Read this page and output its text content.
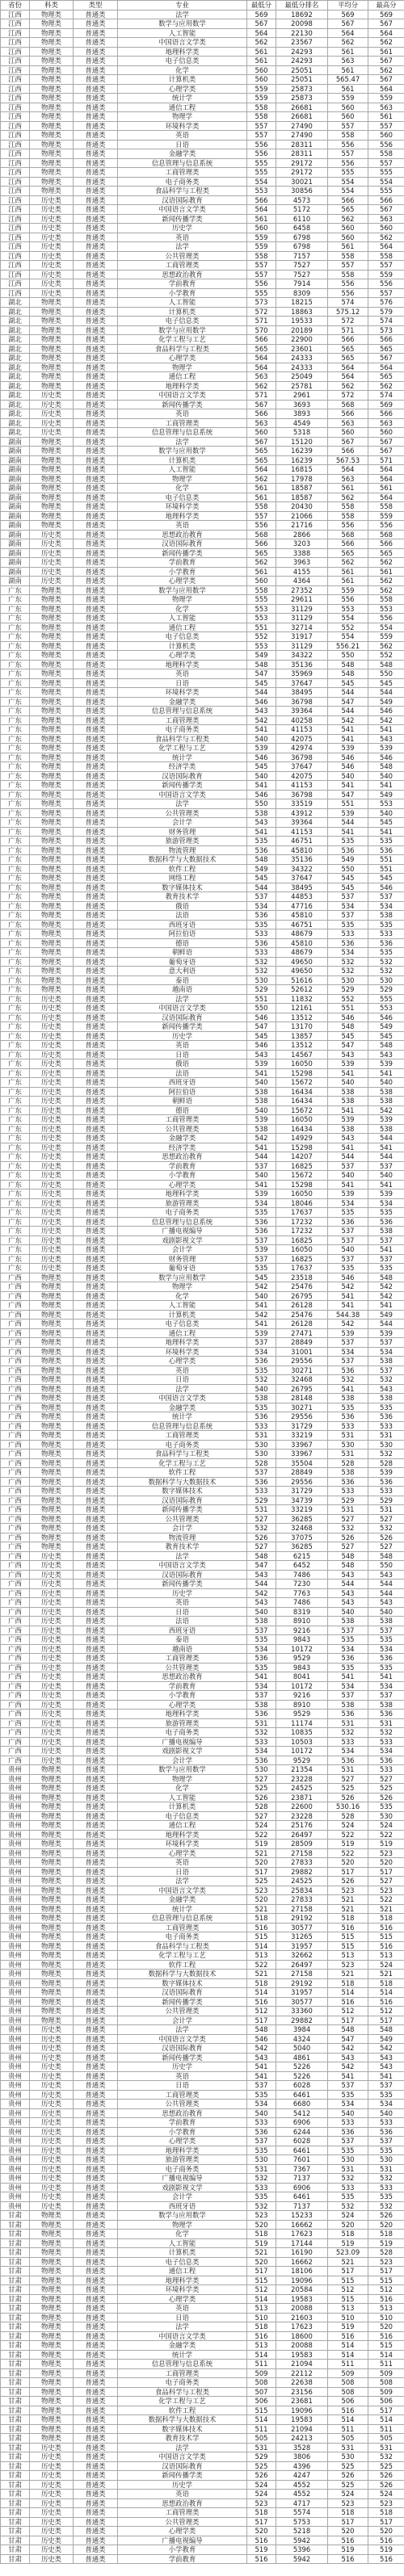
省份	科类	类型	专业	最低分	最低分排名	平均分	最高分
江西	物理类	普通类	法学	569	18692	569	569
江西	物理类	普通类	数学与应用数学	567	20098	567	567
江西	物理类	普通类	人工智能	564	22130	564	564
江西	物理类	普通类	中国语言文学类	562	23567	562	562
江西	物理类	普通类	地理科学类	561	24293	561	561
江西	物理类	普通类	电子信息类	561	24293	563	567
江西	物理类	普通类	化学	560	25051	561	562
江西	物理类	普通类	计算机类	560	25051	565.47	567
江西	物理类	普通类	心理学类	559	25873	561	564
江西	物理类	普通类	统计学	559	25873	559	559
江西	物理类	普通类	通信工程	558	26681	560	563
江西	物理类	普通类	物理学	558	26681	560	561
江西	物理类	普通类	环境科学类	557	27490	557	557
江西	物理类	普通类	英语	557	27490	558	560
江西	物理类	普通类	日语	556	28311	556	556
江西	物理类	普通类	金融学类	556	28311	557	558
江西	物理类	普通类	信息管理与信息系统	555	29172	556	557
江西	物理类	普通类	工商管理类	555	29172	555	555
江西	物理类	普通类	电子商务类	554	30021	554	554
江西	物理类	普通类	食品科学与工程类	553	30856	554	555
江西	历史类	普通类	汉语国际教育	566	4573	566	566
江西	历史类	普通类	中国语言文学类	564	5172	565	567
江西	历史类	普通类	新闻传播学类	561	6110	562	563
江西	历史类	普通类	历史学	560	6458	560	560
江西	历史类	普通类	英语	559	6798	560	562
江西	历史类	普通类	法学	559	6798	561	564
江西	历史类	普通类	公共管理类	558	7157	558	558
江西	历史类	普通类	工商管理类	557	7527	557	557
江西	历史类	普通类	思想政治教育	557	7527	558	559
江西	历史类	普通类	学前教育	556	7914	556	556
江西	历史类	普通类	小学教育	555	8309	556	557
湖北	物理类	普通类	人工智能	573	18215	574	576
湖北	物理类	普通类	计算机类	572	18863	575.12	579
湖北	物理类	普通类	电子信息类	571	19533	572	574
湖北	物理类	普通类	数学与应用数学	570	20189	571	573
湖北	物理类	普通类	化学工程与工艺	566	22900	566	566
湖北	物理类	普通类	食品科学与工程类	565	23601	565	565
湖北	物理类	普通类	心理学类	564	24333	565	567
湖北	物理类	普通类	物理学	564	24333	564	564
湖北	物理类	普通类	通信工程	563	25049	564	565
湖北	物理类	普通类	地理科学类	562	25781	562	562
湖北	历史类	普通类	中国语言文学类	571	2961	572	574
湖北	历史类	普通类	新闻传播学类	567	3693	568	569
湖北	历史类	普通类	英语	566	3893	566	566
湖北	历史类	普通类	工商管理类	563	4549	563	563
湖北	历史类	普通类	信息管理与信息系统	560	5318	560	560
湖南	物理类	普通类	法学	567	15120	567	567
湖南	物理类	普通类	数学与应用数学	565	16239	566	567
湖南	物理类	普通类	计算机类	565	16239	567.53	571
湖南	物理类	普通类	人工智能	564	16815	564	564
湖南	物理类	普通类	物理学	562	17978	563	564
湖南	物理类	普通类	化学	561	18587	561	561
湖南	物理类	普通类	电子信息类	561	18587	562	564
湖南	物理类	普通类	环境科学类	558	20430	558	558
湖南	物理类	普通类	地理科学类	557	21066	558	559
湖南	物理类	普通类	英语	556	21716	556	556
湖南	历史类	普通类	思想政治教育	568	2866	568	568
湖南	历史类	普通类	汉语国际教育	566	3203	566	566
湖南	历史类	普通类	新闻传播学类	565	3388	565	565
湖南	历史类	普通类	学前教育	562	3963	562	562
湖南	历史类	普通类	小学教育	561	4155	561	561
湖南	历史类	普通类	心理学类	560	4364	561	562
广东	物理类	普通类	数学与应用数学	558	27352	559	562
广东	物理类	普通类	物理学	555	29611	556	558
广东	物理类	普通类	化学	553	31129	553	553
广东	物理类	普通类	人工智能	553	31129	554	556
广东	物理类	普通类	通信工程	551	32714	552	554
广东	物理类	普通类	电子信息类	552	31917	554	559
广东	物理类	普通类	计算机类	553	31129	556.21	562
广东	物理类	普通类	心理学类	549	34322	550	552
广东	物理类	普通类	地理科学类	548	35136	548	548
广东	物理类	普通类	英语	547	35969	548	550
广东	物理类	普通类	日语	545	37647	545	545
广东	物理类	普通类	环境科学类	544	38495	544	544
广东	物理类	普通类	金融学类	546	36798	547	549
广东	物理类	普通类	信息管理与信息系统	543	39364	544	546
广东	物理类	普通类	工商管理类	542	40258	542	542
广东	物理类	普通类	电子商务类	541	41153	541	541
广东	物理类	普通类	食品科学与工程类	540	42075	541	543
广东	物理类	普通类	化学工程与工艺	539	42974	539	539
广东	物理类	普通类	统计学	546	36798	546	546
广东	物理类	普通类	经济学类	545	37647	546	548
广东	物理类	普通类	汉语国际教育	540	42075	540	540
广东	物理类	普通类	新闻传播学类	541	41153	541	541
广东	物理类	普通类	中国语言文学类	546	36798	547	549
广东	物理类	普通类	法学	550	33519	551	553
广东	物理类	普通类	公共管理类	538	43912	539	540
广东	物理类	普通类	会计学	543	39364	544	545
广东	物理类	普通类	财务管理	541	41153	541	541
广东	物理类	普通类	旅游管理类	535	46751	535	535
广东	物理类	普通类	物流管理	536	45810	536	536
广东	物理类	普通类	数据科学与大数据技术	548	35136	549	551
广东	物理类	普通类	软件工程	549	34322	550	551
广东	物理类	普通类	网络工程	545	37647	545	545
广东	物理类	普通类	数字媒体技术	544	38495	545	546
广东	物理类	普通类	教育技术学	537	44853	537	537
广东	物理类	普通类	俄语	534	47716	534	534
广东	物理类	普通类	法语	536	45810	537	538
广东	物理类	普通类	西班牙语	535	46751	535	535
广东	物理类	普通类	阿拉伯语	533	48679	533	533
广东	物理类	普通类	德语	536	45810	536	536
广东	物理类	普通类	朝鲜语	533	48679	534	535
广东	物理类	普通类	葡萄牙语	532	49650	532	532
广东	物理类	普通类	意大利语	532	49650	532	532
广东	物理类	普通类	泰语	530	51616	530	530
广东	物理类	普通类	越南语	529	52612	529	529
广东	历史类	普通类	法学	551	11832	552	555
广东	历史类	普通类	中国语言文学类	550	12161	551	553
广东	历史类	普通类	汉语国际教育	546	13512	546	546
广东	历史类	普通类	新闻传播学类	547	13170	548	549
广东	历史类	普通类	历史学	545	13857	545	545
广东	历史类	普通类	英语	546	13512	547	548
广东	历史类	普通类	日语	543	14567	543	543
广东	历史类	普通类	俄语	539	16050	539	539
广东	历史类	普通类	法语	541	15298	541	541
广东	历史类	普通类	西班牙语	540	15672	540	540
广东	历史类	普通类	阿拉伯语	538	16434	538	538
广东	历史类	普通类	朝鲜语	538	16434	538	538
广东	历史类	普通类	德语	540	15672	541	542
广东	历史类	普通类	工商管理类	539	16050	539	539
广东	历史类	普通类	公共管理类	538	16434	538	538
广东	历史类	普通类	金融学类	542	14929	543	544
广东	历史类	普通类	经济学类	541	15298	541	541
广东	历史类	普通类	思想政治教育	544	14207	544	544
广东	历史类	普通类	学前教育	537	16825	537	537
广东	历史类	普通类	小学教育	540	15672	540	540
广东	历史类	普通类	心理学类	541	15298	541	541
广东	历史类	普通类	地理科学类	539	16050	539	539
广东	历史类	普通类	旅游管理类	534	18046	534	534
广东	历史类	普通类	电子商务类	535	17637	535	535
广东	历史类	普通类	信息管理与信息系统	536	17232	536	536
广东	历史类	普通类	广播电视编导	536	17232	537	538
广东	历史类	普通类	戏剧影视文学	537	16825	537	537
广东	历史类	普通类	会计学	539	16050	540	541
广东	历史类	普通类	财务管理	537	16825	537	537
广东	历史类	普通类	葡萄牙语	535	17637	535	535
广西	物理类	普通类	数学与应用数学	545	23518	546	548
广西	物理类	普通类	物理学	542	25476	542	542
广西	物理类	普通类	化学	540	26795	541	542
广西	物理类	普通类	人工智能	541	26128	541	541
广西	物理类	普通类	计算机类	542	25476	544.38	549
广西	物理类	普通类	电子信息类	541	26128	542	544
广西	物理类	普通类	通信工程	539	27471	539	539
广西	物理类	普通类	地理科学类	537	28849	537	537
广西	物理类	普通类	环境科学类	534	31001	534	534
广西	物理类	普通类	心理学类	536	29556	537	538
广西	物理类	普通类	英语	535	30271	536	537
广西	物理类	普通类	日语	532	32468	532	532
广西	物理类	普通类	法学	540	26795	541	543
广西	物理类	普通类	中国语言文学类	538	28148	538	538
广西	物理类	普通类	金融学类	535	30271	535	535
广西	物理类	普通类	统计学	536	29556	536	536
广西	物理类	普通类	信息管理与信息系统	533	31729	533	533
广西	物理类	普通类	工商管理类	531	33219	531	531
广西	物理类	普通类	电子商务类	530	33967	530	530
广西	物理类	普通类	食品科学与工程类	530	33967	531	532
广西	物理类	普通类	化学工程与工艺	528	35504	528	528
广西	物理类	普通类	软件工程	537	28849	538	539
广西	物理类	普通类	数据科学与大数据技术	536	29556	536	536
广西	物理类	普通类	数字媒体技术	533	31729	533	533
广西	物理类	普通类	汉语国际教育	529	34739	529	529
广西	物理类	普通类	新闻传播学类	531	33219	531	531
广西	物理类	普通类	公共管理类	527	36285	527	527
广西	物理类	普通类	会计学	532	32468	532	532
广西	物理类	普通类	物流管理	526	37075	526	526
广西	物理类	普通类	教育技术学	527	36285	527	527
广西	历史类	普通类	法学	548	6215	548	548
广西	历史类	普通类	中国语言文学类	547	6452	548	550
广西	历史类	普通类	汉语国际教育	543	7486	543	543
广西	历史类	普通类	新闻传播学类	544	7230	544	544
广西	历史类	普通类	历史学	542	7763	543	544
广西	历史类	普通类	英语	543	7486	543	543
广西	历史类	普通类	日语	540	8319	540	540
广西	历史类	普通类	法语	538	8910	538	538
广西	历史类	普通类	西班牙语	537	9216	537	537
广西	历史类	普通类	泰语	535	9843	535	535
广西	历史类	普通类	越南语	534	10172	534	534
广西	历史类	普通类	工商管理类	536	9529	536	536
广西	历史类	普通类	公共管理类	535	9843	535	535
广西	历史类	普通类	思想政治教育	541	8041	541	541
广西	历史类	普通类	学前教育	534	10172	534	534
广西	历史类	普通类	小学教育	537	9216	537	537
广西	历史类	普通类	心理学类	538	8910	538	538
广西	历史类	普通类	地理科学类	536	9529	536	536
广西	历史类	普通类	旅游管理类	531	11174	531	531
广西	历史类	普通类	电子商务类	532	10835	532	532
广西	历史类	普通类	广播电视编导	533	10503	533	533
广西	历史类	普通类	戏剧影视文学	534	10172	534	534
广西	历史类	普通类	会计学	536	9529	536	536
贵州	物理类	普通类	数学与应用数学	530	21354	531	533
贵州	物理类	普通类	物理学	527	23228	527	527
贵州	物理类	普通类	化学	525	24525	525	525
贵州	物理类	普通类	人工智能	526	23871	526	526
贵州	物理类	普通类	计算机类	528	22600	530.16	535
贵州	物理类	普通类	电子信息类	527	23228	528	530
贵州	物理类	普通类	通信工程	524	25176	524	524
贵州	物理类	普通类	地理科学类	522	26497	522	522
贵州	物理类	普通类	环境科学类	519	28509	519	519
贵州	物理类	普通类	心理学类	521	27158	522	523
贵州	物理类	普通类	英语	520	27833	520	520
贵州	物理类	普通类	日语	517	29882	517	517
贵州	物理类	普通类	法学	525	24525	526	527
贵州	物理类	普通类	中国语言文学类	523	25834	523	523
贵州	物理类	普通类	金融学类	520	27833	521	522
贵州	物理类	普通类	统计学	521	27158	521	521
贵州	物理类	普通类	信息管理与信息系统	518	29192	518	518
贵州	物理类	普通类	工商管理类	516	30577	516	516
贵州	物理类	普通类	电子商务类	515	31265	515	515
贵州	物理类	普通类	食品科学与工程类	514	31957	515	516
贵州	物理类	普通类	化学工程与工艺	513	32662	513	513
贵州	物理类	普通类	软件工程	522	26497	523	524
贵州	物理类	普通类	数据科学与大数据技术	521	27158	521	521
贵州	物理类	普通类	数字媒体技术	518	29192	518	518
贵州	物理类	普通类	汉语国际教育	514	31957	514	514
贵州	物理类	普通类	新闻传播学类	516	30577	516	516
贵州	物理类	普通类	公共管理类	512	33360	512	512
贵州	物理类	普通类	会计学	517	29882	517	517
贵州	历史类	普通类	法学	548	3984	548	548
贵州	历史类	普通类	中国语言文学类	546	4324	547	549
贵州	历史类	普通类	汉语国际教育	542	5040	542	542
贵州	历史类	普通类	新闻传播学类	543	4861	543	543
贵州	历史类	普通类	历史学	541	5226	542	543
贵州	历史类	普通类	英语	541	5226	541	541
贵州	历史类	普通类	日语	537	6028	537	537
贵州	历史类	普通类	工商管理类	535	6461	535	535
贵州	历史类	普通类	公共管理类	534	6680	534	534
贵州	历史类	普通类	思想政治教育	540	5412	540	540
贵州	历史类	普通类	学前教育	533	6906	533	533
贵州	历史类	普通类	小学教育	536	6244	536	536
贵州	历史类	普通类	心理学类	537	6028	537	537
贵州	历史类	普通类	地理科学类	535	6461	535	535
贵州	历史类	普通类	旅游管理类	530	7601	530	530
贵州	历史类	普通类	电子商务类	531	7367	531	531
贵州	历史类	普通类	广播电视编导	532	7137	532	532
贵州	历史类	普通类	戏剧影视文学	533	6906	533	533
贵州	历史类	普通类	会计学	535	6461	535	535
贵州	历史类	普通类	西班牙语	532	7137	532	532
甘肃	物理类	普通类	数学与应用数学	523	15233	524	526
甘肃	物理类	普通类	物理学	520	16662	520	520
甘肃	物理类	普通类	化学	518	17623	518	518
甘肃	物理类	普通类	人工智能	519	17144	519	519
甘肃	物理类	普通类	计算机类	521	16190	523.09	528
甘肃	物理类	普通类	电子信息类	520	16662	521	523
甘肃	物理类	普通类	通信工程	517	18106	517	517
甘肃	物理类	普通类	地理科学类	515	19096	515	515
甘肃	物理类	普通类	环境科学类	512	20584	512	512
甘肃	物理类	普通类	心理学类	514	19583	515	516
甘肃	物理类	普通类	英语	513	20088	513	513
甘肃	物理类	普通类	日语	510	21603	510	510
甘肃	物理类	普通类	法学	518	17623	519	520
甘肃	物理类	普通类	中国语言文学类	516	18600	516	516
甘肃	物理类	普通类	金融学类	513	20088	514	515
甘肃	物理类	普通类	统计学	514	19583	514	514
甘肃	物理类	普通类	信息管理与信息系统	511	21094	511	511
甘肃	物理类	普通类	工商管理类	509	22112	509	509
甘肃	物理类	普通类	电子商务类	508	22638	508	508
甘肃	物理类	普通类	食品科学与工程类	507	23156	508	509
甘肃	物理类	普通类	化学工程与工艺	506	23681	506	506
甘肃	物理类	普通类	软件工程	515	19096	516	517
甘肃	物理类	普通类	数据科学与大数据技术	514	19583	514	514
甘肃	物理类	普通类	数字媒体技术	511	21094	511	511
甘肃	物理类	普通类	教育技术学	505	24213	505	505
甘肃	历史类	普通类	法学	531	3528	531	531
甘肃	历史类	普通类	中国语言文学类	529	3806	530	532
甘肃	历史类	普通类	汉语国际教育	525	4396	525	525
甘肃	历史类	普通类	新闻传播学类	526	4247	526	526
甘肃	历史类	普通类	历史学	524	4552	525	526
甘肃	历史类	普通类	英语	524	4552	524	524
甘肃	历史类	普通类	思想政治教育	523	4717	523	523
甘肃	历史类	普通类	工商管理类	518	5574	518	518
甘肃	历史类	普通类	公共管理类	517	5753	517	517
甘肃	历史类	普通类	心理学类	520	5218	520	520
甘肃	历史类	普通类	广播电视编导	516	5942	516	516
甘肃	历史类	普通类	小学教育	519	5396	519	519
甘肃	历史类	普通类	学前教育	516	5942	516	516
